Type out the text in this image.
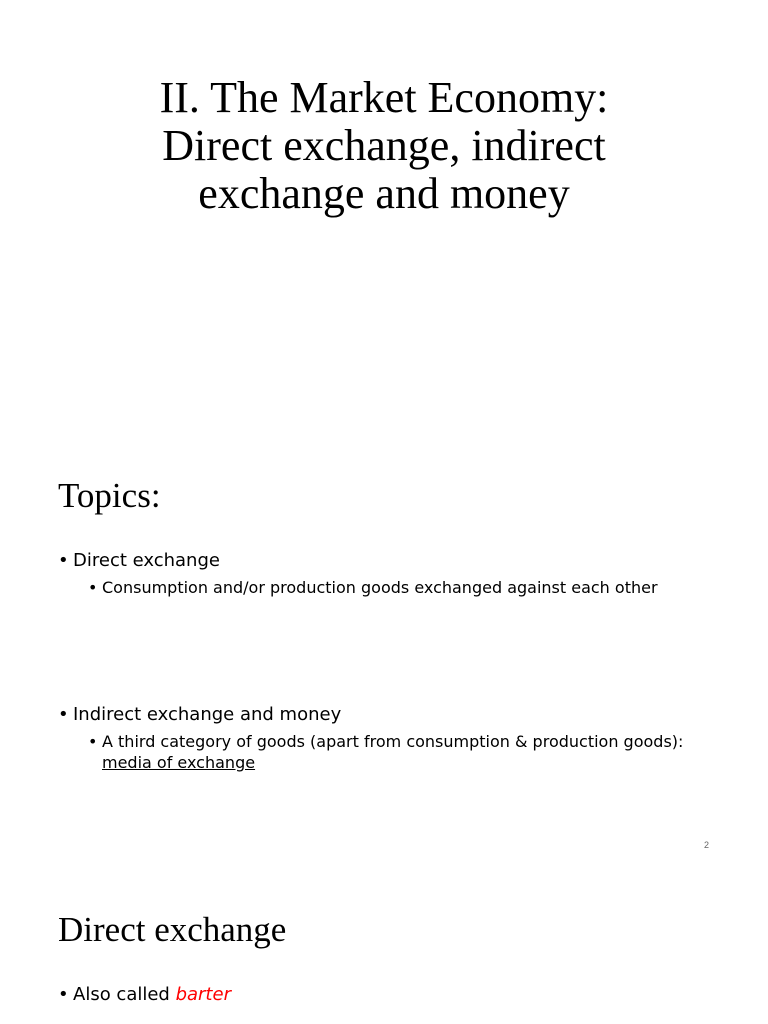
II. The Market Economy:
Direct exchange, indirect
exchange and money
Topics:
• Direct exchange
• Consumption and/or production goods exchanged against each other
• Indirect exchange and money
• A third category of goods (apart from consumption & production goods):
media of exchange
2
Direct exchange
• Also called barter
